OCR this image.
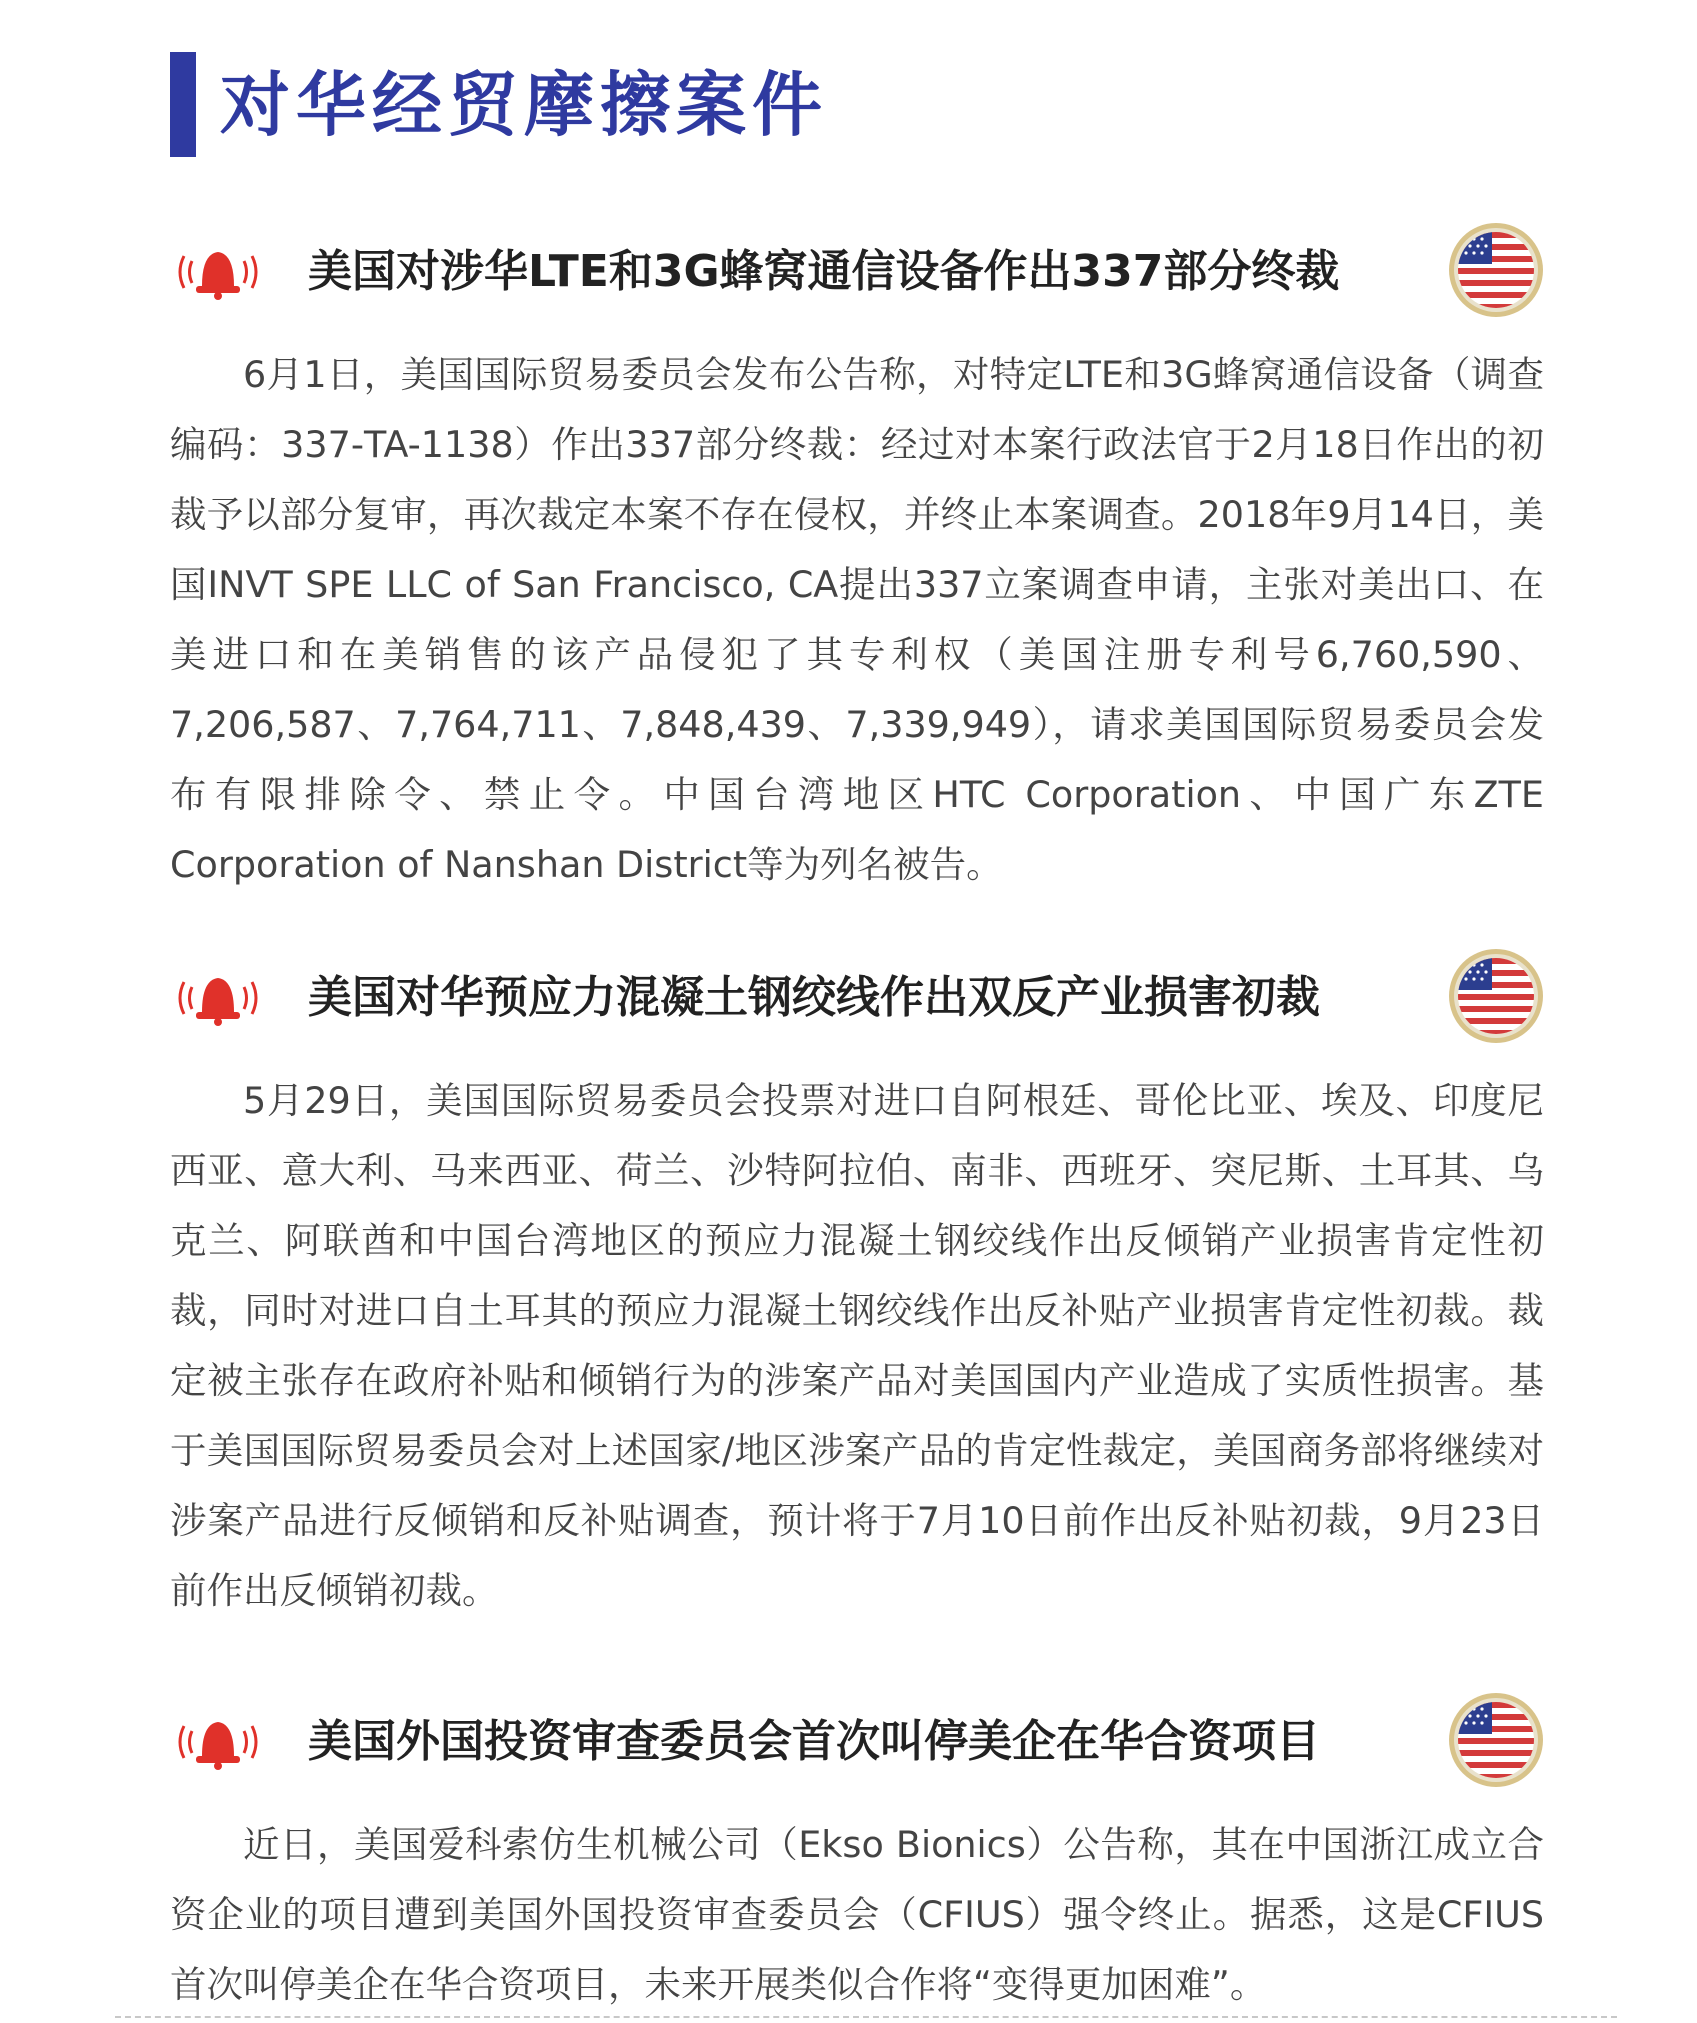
对华经贸摩擦案件
美国对涉华LTE和3G蜂窝通信设备作出337部分终裁

6月1日，美国国际贸易委员会发布公告称，对特定LTE和3G蜂窝通信设备（调查编码：337-TA-1138）作出337部分终裁：经过对本案行政法官于2月18日作出的初裁予以部分复审，再次裁定本案不存在侵权，并终止本案调查。2018年9月14日，美国INVT SPE LLC of San Francisco, CA提出337立案调查申请，主张对美出口、在美进口和在美销售的该产品侵犯了其专利权（美国注册专利号6,760,590、7,206,587、7,764,711、7,848,439、7,339,949），请求美国国际贸易委员会发布有限排除令、禁止令。中国台湾地区HTC Corporation、中国广东ZTE Corporation of Nanshan District等为列名被告。

美国对华预应力混凝土钢绞线作出双反产业损害初裁

5月29日，美国国际贸易委员会投票对进口自阿根廷、哥伦比亚、埃及、印度尼西亚、意大利、马来西亚、荷兰、沙特阿拉伯、南非、西班牙、突尼斯、土耳其、乌克兰、阿联酋和中国台湾地区的预应力混凝土钢绞线作出反倾销产业损害肯定性初裁，同时对进口自土耳其的预应力混凝土钢绞线作出反补贴产业损害肯定性初裁。裁定被主张存在政府补贴和倾销行为的涉案产品对美国国内产业造成了实质性损害。基于美国国际贸易委员会对上述国家/地区涉案产品的肯定性裁定，美国商务部将继续对涉案产品进行反倾销和反补贴调查，预计将于7月10日前作出反补贴初裁，9月23日前作出反倾销初裁。

美国外国投资审查委员会首次叫停美企在华合资项目

近日，美国爱科索仿生机械公司（Ekso Bionics）公告称，其在中国浙江成立合资企业的项目遭到美国外国投资审查委员会（CFIUS）强令终止。据悉，这是CFIUS首次叫停美企在华合资项目，未来开展类似合作将“变得更加困难”。
